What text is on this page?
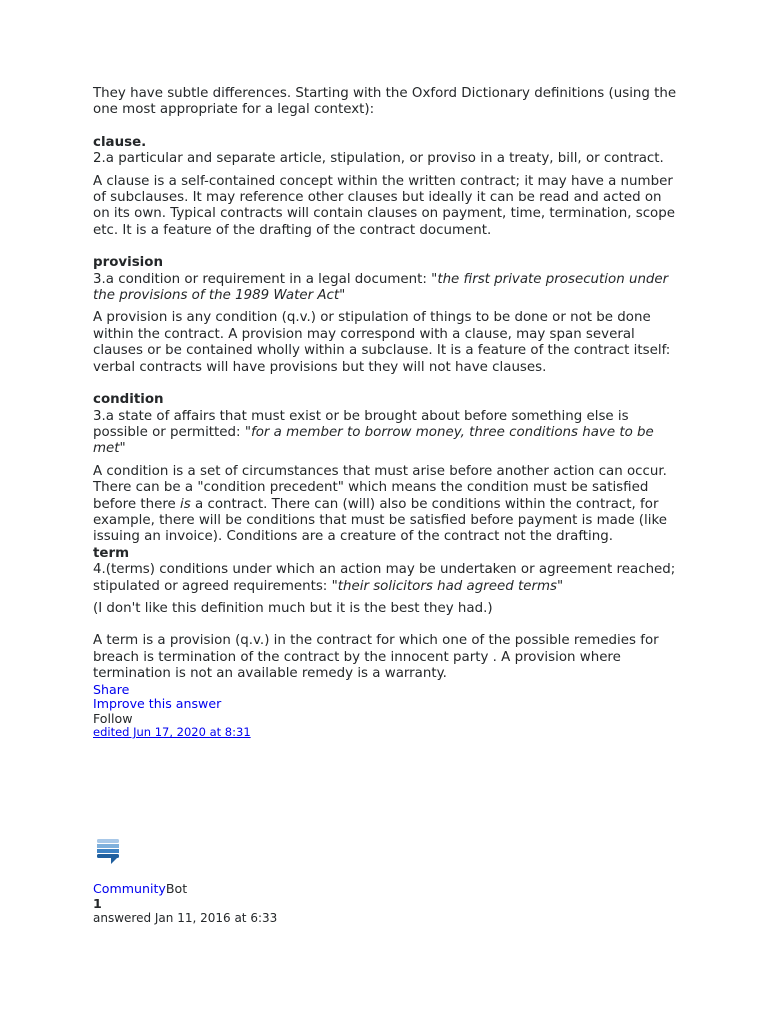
They have subtle differences. Starting with the Oxford Dictionary definitions (using the one most appropriate for a legal context):

clause.

2.a particular and separate article, stipulation, or proviso in a treaty, bill, or contract.

A clause is a self-contained concept within the written contract; it may have a number of subclauses. It may reference other clauses but ideally it can be read and acted on on its own. Typical contracts will contain clauses on payment, time, termination, scope etc. It is a feature of the drafting of the contract document.

provision

3.a condition or requirement in a legal document: "the first private prosecution under the provisions of the 1989 Water Act"

A provision is any condition (q.v.) or stipulation of things to be done or not be done within the contract. A provision may correspond with a clause, may span several clauses or be contained wholly within a subclause. It is a feature of the contract itself: verbal contracts will have provisions but they will not have clauses.

condition

3.a state of affairs that must exist or be brought about before something else is possible or permitted: "for a member to borrow money, three conditions have to be met"

A condition is a set of circumstances that must arise before another action can occur. There can be a "condition precedent" which means the condition must be satisfied before there is a contract. There can (will) also be conditions within the contract, for example, there will be conditions that must be satisfied before payment is made (like issuing an invoice). Conditions are a creature of the contract not the drafting.

term

4.(terms) conditions under which an action may be undertaken or agreement reached; stipulated or agreed requirements: "their solicitors had agreed terms"

(I don't like this definition much but it is the best they had.)

A term is a provision (q.v.) in the contract for which one of the possible remedies for breach is termination of the contract by the innocent party . A provision where termination is not an available remedy is a warranty.

Share
Improve this answer
Follow
edited Jun 17, 2020 at 8:31
CommunityBot
1
answered Jan 11, 2016 at 6:33
